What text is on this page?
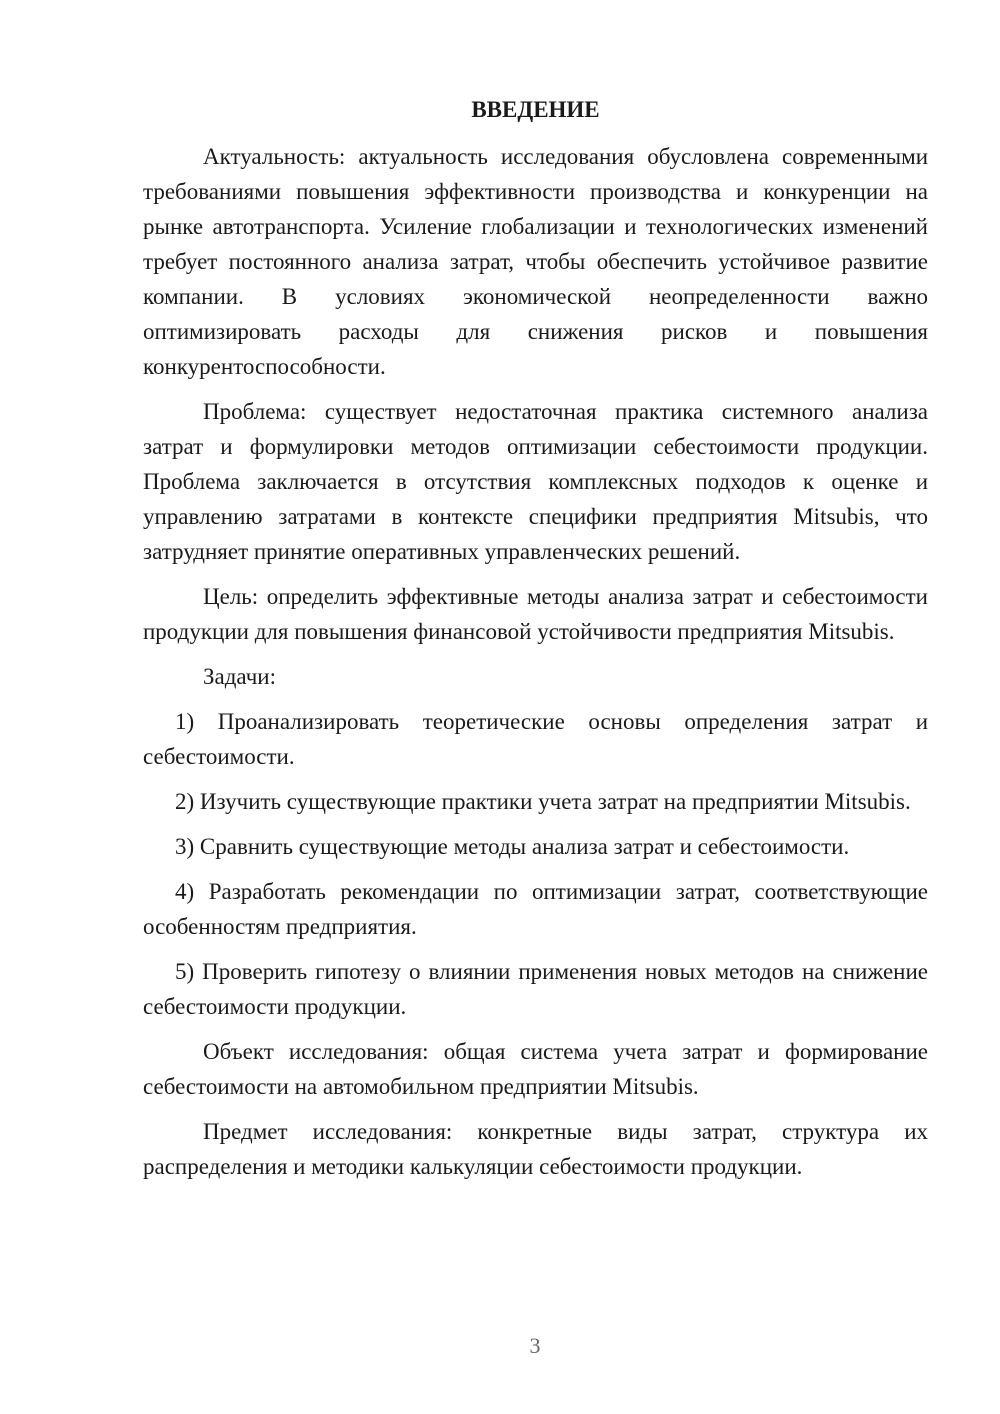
ВВЕДЕНИЕ

Актуальность: актуальность исследования обусловлена современными требованиями повышения эффективности производства и конкуренции на рынке автотранспорта. Усиление глобализации и технологических изменений требует постоянного анализа затрат, чтобы обеспечить устойчивое развитие компании. В условиях экономической неопределенности важно оптимизировать расходы для снижения рисков и повышения конкурентоспособности.

Проблема: существует недостаточная практика системного анализа затрат и формулировки методов оптимизации себестоимости продукции. Проблема заключается в отсутствия комплексных подходов к оценке и управлению затратами в контексте специфики предприятия Mitsubis, что затрудняет принятие оперативных управленческих решений.

Цель: определить эффективные методы анализа затрат и себестоимости продукции для повышения финансовой устойчивости предприятия Mitsubis.

Задачи:

1) Проанализировать теоретические основы определения затрат и себестоимости.

2) Изучить существующие практики учета затрат на предприятии Mitsubis.

3) Сравнить существующие методы анализа затрат и себестоимости.

4) Разработать рекомендации по оптимизации затрат, соответствующие особенностям предприятия.

5) Проверить гипотезу о влиянии применения новых методов на снижение себестоимости продукции.

Объект исследования: общая система учета затрат и формирование себестоимости на автомобильном предприятии Mitsubis.

Предмет исследования: конкретные виды затрат, структура их распределения и методики калькуляции себестоимости продукции.

3
